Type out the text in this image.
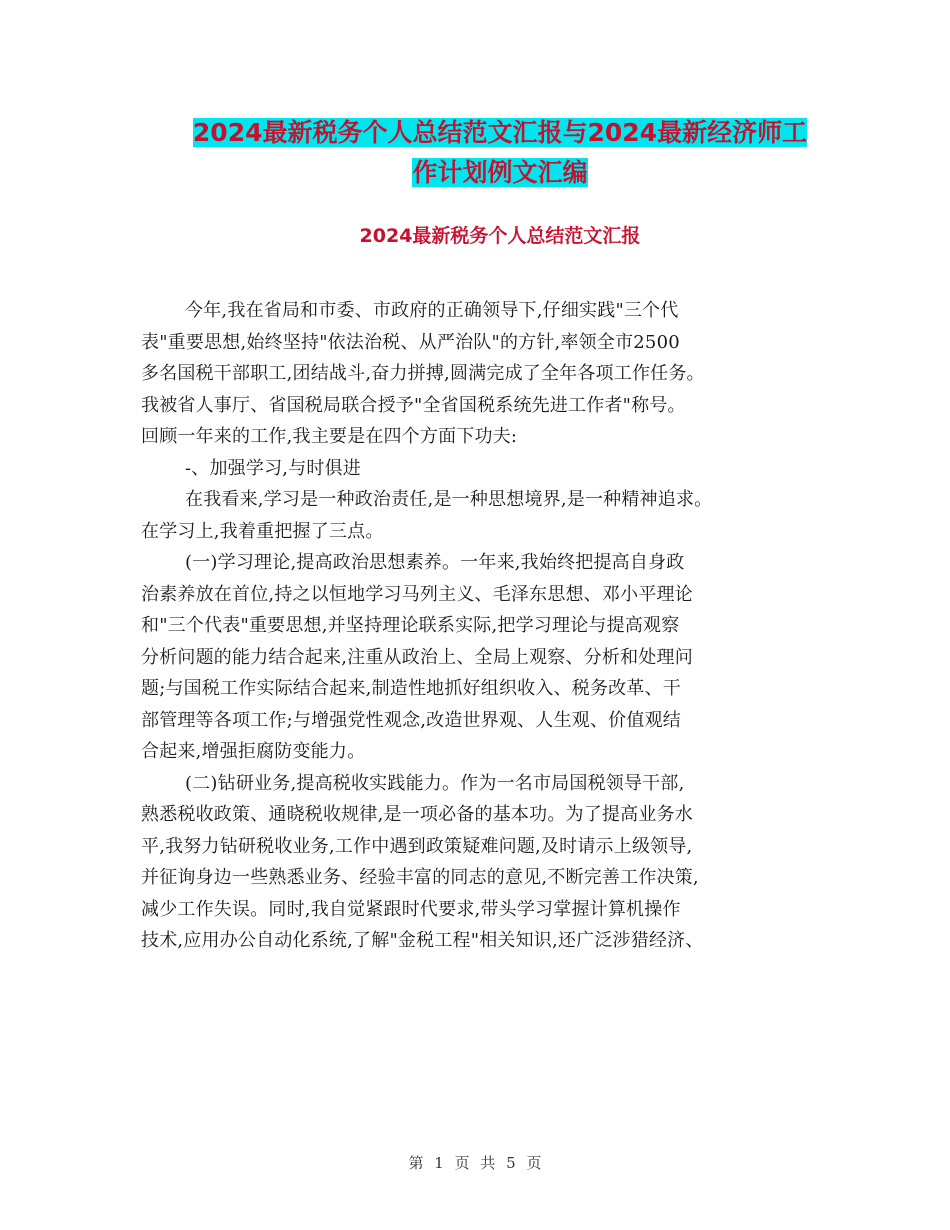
2024最新税务个人总结范文汇报与2024最新经济师工
作计划例文汇编
2024最新税务个人总结范文汇报
今年,我在省局和市委、市政府的正确领导下,仔细实践"三个代
表"重要思想,始终坚持"依法治税、从严治队"的方针,率领全市2500
多名国税干部职工,团结战斗,奋力拼搏,圆满完成了全年各项工作任务。
我被省人事厅、省国税局联合授予"全省国税系统先进工作者"称号。
回顾一年来的工作,我主要是在四个方面下功夫:
-、加强学习,与时俱进
在我看来,学习是一种政治责任,是一种思想境界,是一种精神追求。
在学习上,我着重把握了三点。
(一)学习理论,提高政治思想素养。一年来,我始终把提高自身政
治素养放在首位,持之以恒地学习马列主义、毛泽东思想、邓小平理论
和"三个代表"重要思想,并坚持理论联系实际,把学习理论与提高观察
分析问题的能力结合起来,注重从政治上、全局上观察、分析和处理问
题;与国税工作实际结合起来,制造性地抓好组织收入、税务改革、干
部管理等各项工作;与增强党性观念,改造世界观、人生观、价值观结
合起来,增强拒腐防变能力。
(二)钻研业务,提高税收实践能力。作为一名市局国税领导干部,
熟悉税收政策、通晓税收规律,是一项必备的基本功。为了提高业务水
平,我努力钻研税收业务,工作中遇到政策疑难问题,及时请示上级领导,
并征询身边一些熟悉业务、经验丰富的同志的意见,不断完善工作决策,
减少工作失误。同时,我自觉紧跟时代要求,带头学习掌握计算机操作
技术,应用办公自动化系统,了解"金税工程"相关知识,还广泛涉猎经济、
第 1 页 共 5 页
